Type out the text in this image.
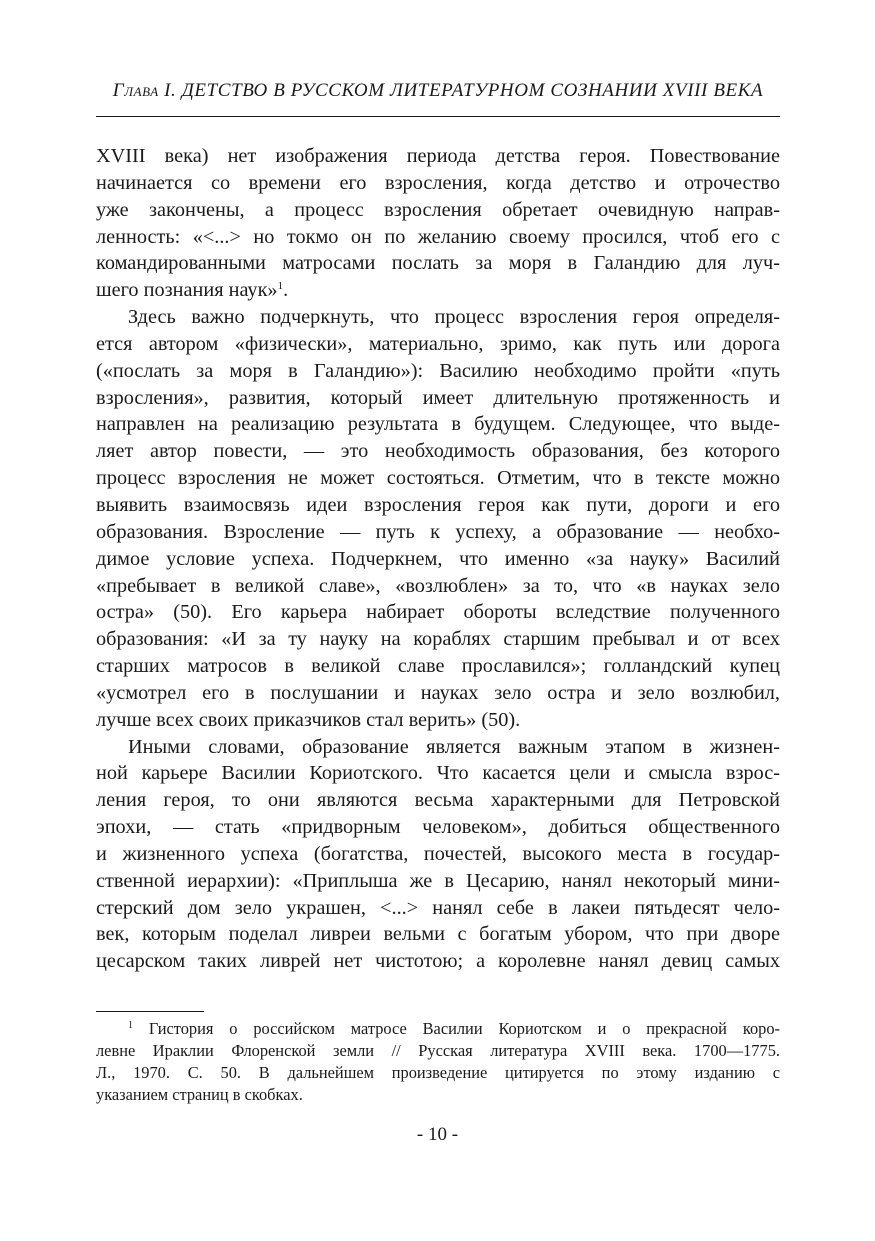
Глава I. ДЕТСТВО В РУССКОМ ЛИТЕРАТУРНОМ СОЗНАНИИ XVIII ВЕКА
XVIII века) нет изображения периода детства героя. Повествование
начинается со времени его взросления, когда детство и отрочество
уже закончены, а процесс взросления обретает очевидную направ-
ленность: «<...> но токмо он по желанию своему просился, чтоб его с
командированными матросами послать за моря в Галандию для луч-
шего познания наук»$^1$.
Здесь важно подчеркнуть, что процесс взросления героя определя-
ется автором «физически», материально, зримо, как путь или дорога
(«послать за моря в Галандию»): Василию необходимо пройти «путь
взросления», развития, который имеет длительную протяженность и
направлен на реализацию результата в будущем. Следующее, что выде-
ляет автор повести, — это необходимость образования, без которого
процесс взросления не может состояться. Отметим, что в тексте можно
выявить взаимосвязь идеи взросления героя как пути, дороги и его
образования. Взросление — путь к успеху, а образование — необхо-
димое условие успеха. Подчеркнем, что именно «за науку» Василий
«пребывает в великой славе», «возлюблен» за то, что «в науках зело
остра» (50). Его карьера набирает обороты вследствие полученного
образования: «И за ту науку на кораблях старшим пребывал и от всех
старших матросов в великой славе прославился»; голландский купец
«усмотрел его в послушании и науках зело остра и зело возлюбил,
лучше всех своих приказчиков стал верить» (50).
Иными словами, образование является важным этапом в жизнен-
ной карьере Василии Кориотского. Что касается цели и смысла взрос-
ления героя, то они являются весьма характерными для Петровской
эпохи, — стать «придворным человеком», добиться общественного
и жизненного успеха (богатства, почестей, высокого места в государ-
ственной иерархии): «Приплыша же в Цесарию, нанял некоторый мини-
стерский дом зело украшен, <...> нанял себе в лакеи пятьдесят чело-
век, которым поделал ливреи вельми с богатым убором, что при дворе
цесарском таких ливрей нет чистотою; а королевне нанял девиц самых
$^1$ Гистория о российском матросе Василии Кориотском и о прекрасной коро-
левне Ираклии Флоренской земли // Русская литература XVIII века. 1700—1775.
Л., 1970. С. 50. В дальнейшем произведение цитируется по этому изданию с
указанием страниц в скобках.
- 10 -
